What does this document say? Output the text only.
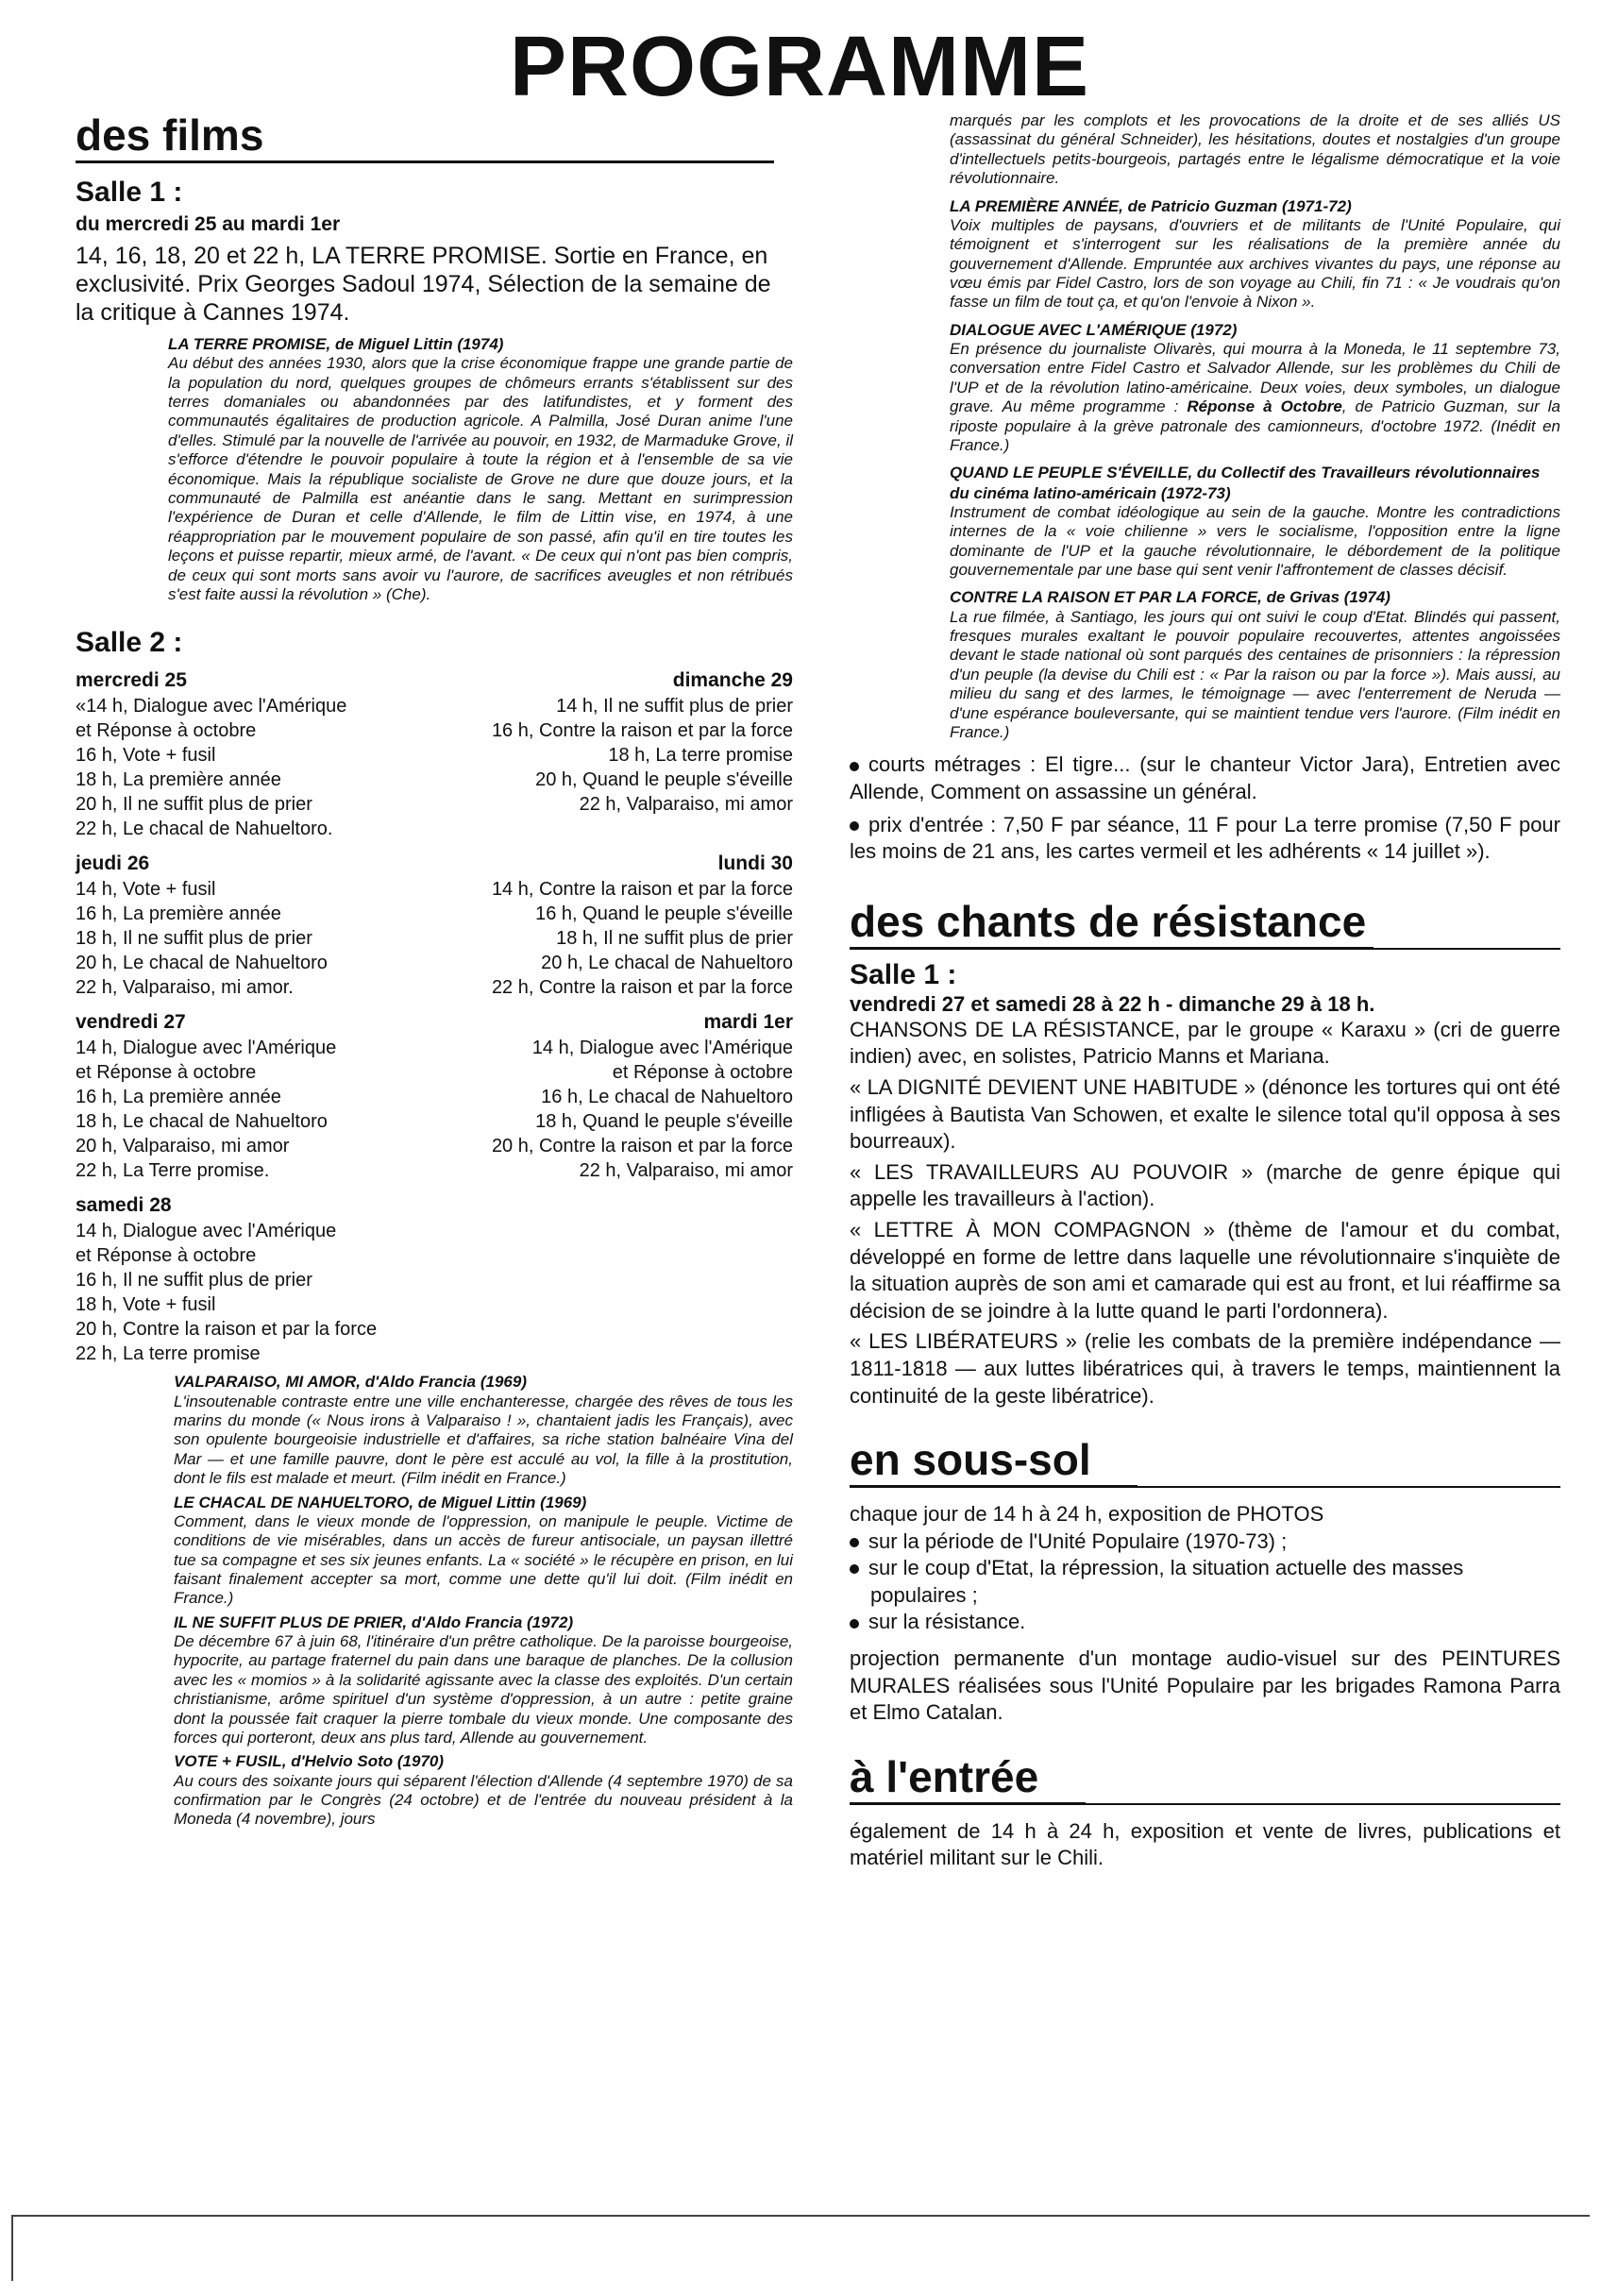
PROGRAMME
des films
Salle 1 :
du mercredi 25 au mardi 1er

14, 16, 18, 20 et 22 h, LA TERRE PROMISE. Sortie en France, en exclusivité. Prix Georges Sadoul 1974, Sélection de la semaine de la critique à Cannes 1974.

LA TERRE PROMISE, de Miguel Littin (1974)

Au début des années 1930, alors que la crise économique frappe une grande partie de la population du nord, quelques groupes de chômeurs errants s'établissent sur des terres domaniales ou abandonnées par des latifundistes, et y forment des communautés égalitaires de production agricole. A Palmilla, José Duran anime l'une d'elles. Stimulé par la nouvelle de l'arrivée au pouvoir, en 1932, de Marmaduke Grove, il s'efforce d'étendre le pouvoir populaire à toute la région et à l'ensemble de sa vie économique. Mais la république socialiste de Grove ne dure que douze jours, et la communauté de Palmilla est anéantie dans le sang. Mettant en surimpression l'expérience de Duran et celle d'Allende, le film de Littin vise, en 1974, à une réappropriation par le mouvement populaire de son passé, afin qu'il en tire toutes les leçons et puisse repartir, mieux armé, de l'avant. « De ceux qui n'ont pas bien compris, de ceux qui sont morts sans avoir vu l'aurore, de sacrifices aveugles et non rétribués s'est faite aussi la révolution » (Che).

Salle 2 :

mercredi 25

«14 h, Dialogue avec l'Amérique

et Réponse à octobre

16 h, Vote + fusil

18 h, La première année

20 h, Il ne suffit plus de prier

22 h, Le chacal de Nahueltoro.

dimanche 29

14 h, Il ne suffit plus de prier

16 h, Contre la raison et par la force

18 h, La terre promise

20 h, Quand le peuple s'éveille

22 h, Valparaiso, mi amor

jeudi 26

14 h, Vote + fusil

16 h, La première année

18 h, Il ne suffit plus de prier

20 h, Le chacal de Nahueltoro

22 h, Valparaiso, mi amor.

lundi 30

14 h, Contre la raison et par la force

16 h, Quand le peuple s'éveille

18 h, Il ne suffit plus de prier

20 h, Le chacal de Nahueltoro

22 h, Contre la raison et par la force

vendredi 27

14 h, Dialogue avec l'Amérique

et Réponse à octobre

16 h, La première année

18 h, Le chacal de Nahueltoro

20 h, Valparaiso, mi amor

22 h, La Terre promise.

mardi 1er

14 h, Dialogue avec l'Amérique

et Réponse à octobre

16 h, Le chacal de Nahueltoro

18 h, Quand le peuple s'éveille

20 h, Contre la raison et par la force

22 h, Valparaiso, mi amor

samedi 28

14 h, Dialogue avec l'Amérique

et Réponse à octobre

16 h, Il ne suffit plus de prier

18 h, Vote + fusil

20 h, Contre la raison et par la force

22 h, La terre promise

VALPARAISO, MI AMOR, d'Aldo Francia (1969)

L'insoutenable contraste entre une ville enchanteresse, chargée des rêves de tous les marins du monde (« Nous irons à Valparaiso ! », chantaient jadis les Français), avec son opulente bourgeoisie industrielle et d'affaires, sa riche station balnéaire Vina del Mar — et une famille pauvre, dont le père est acculé au vol, la fille à la prostitution, dont le fils est malade et meurt. (Film inédit en France.)

LE CHACAL DE NAHUELTORO, de Miguel Littin (1969)

Comment, dans le vieux monde de l'oppression, on manipule le peuple. Victime de conditions de vie misérables, dans un accès de fureur antisociale, un paysan illettré tue sa compagne et ses six jeunes enfants. La « société » le récupère en prison, en lui faisant finalement accepter sa mort, comme une dette qu'il lui doit. (Film inédit en France.)

IL NE SUFFIT PLUS DE PRIER, d'Aldo Francia (1972)

De décembre 67 à juin 68, l'itinéraire d'un prêtre catholique. De la paroisse bourgeoise, hypocrite, au partage fraternel du pain dans une baraque de planches. De la collusion avec les « momios » à la solidarité agissante avec la classe des exploités. D'un certain christianisme, arôme spirituel d'un système d'oppression, à un autre : petite graine dont la poussée fait craquer la pierre tombale du vieux monde. Une composante des forces qui porteront, deux ans plus tard, Allende au gouvernement.

VOTE + FUSIL, d'Helvio Soto (1970)

Au cours des soixante jours qui séparent l'élection d'Allende (4 septembre 1970) de sa confirmation par le Congrès (24 octobre) et de l'entrée du nouveau président à la Moneda (4 novembre), jours

marqués par les complots et les provocations de la droite et de ses alliés US (assassinat du général Schneider), les hésitations, doutes et nostalgies d'un groupe d'intellectuels petits-bourgeois, partagés entre le légalisme démocratique et la voie révolutionnaire.

LA PREMIÈRE ANNÉE, de Patricio Guzman (1971-72)

Voix multiples de paysans, d'ouvriers et de militants de l'Unité Populaire, qui témoignent et s'interrogent sur les réalisations de la première année du gouvernement d'Allende. Empruntée aux archives vivantes du pays, une réponse au vœu émis par Fidel Castro, lors de son voyage au Chili, fin 71 : « Je voudrais qu'on fasse un film de tout ça, et qu'on l'envoie à Nixon ».

DIALOGUE AVEC L'AMÉRIQUE (1972)

En présence du journaliste Olivarès, qui mourra à la Moneda, le 11 septembre 73, conversation entre Fidel Castro et Salvador Allende, sur les problèmes du Chili de l'UP et de la révolution latino-américaine. Deux voies, deux symboles, un dialogue grave. Au même programme : Réponse à Octobre, de Patricio Guzman, sur la riposte populaire à la grève patronale des camionneurs, d'octobre 1972. (Inédit en France.)

QUAND LE PEUPLE S'ÉVEILLE, du Collectif des Travailleurs révolutionnaires du cinéma latino-américain (1972-73)

Instrument de combat idéologique au sein de la gauche. Montre les contradictions internes de la « voie chilienne » vers le socialisme, l'opposition entre la ligne dominante de l'UP et la gauche révolutionnaire, le débordement de la politique gouvernementale par une base qui sent venir l'affrontement de classes décisif.

CONTRE LA RAISON ET PAR LA FORCE, de Grivas (1974)

La rue filmée, à Santiago, les jours qui ont suivi le coup d'Etat. Blindés qui passent, fresques murales exaltant le pouvoir populaire recouvertes, attentes angoissées devant le stade national où sont parqués des centaines de prisonniers : la répression d'un peuple (la devise du Chili est : « Par la raison ou par la force »). Mais aussi, au milieu du sang et des larmes, le témoignage — avec l'enterrement de Neruda — d'une espérance bouleversante, qui se maintient tendue vers l'aurore. (Film inédit en France.)

courts métrages : El tigre... (sur le chanteur Victor Jara), Entretien avec Allende, Comment on assassine un général.

prix d'entrée : 7,50 F par séance, 11 F pour La terre promise (7,50 F pour les moins de 21 ans, les cartes vermeil et les adhérents « 14 juillet »).

des chants de résistance
Salle 1 :
vendredi 27 et samedi 28 à 22 h - dimanche 29 à 18 h.

CHANSONS DE LA RÉSISTANCE, par le groupe « Karaxu » (cri de guerre indien) avec, en solistes, Patricio Manns et Mariana.

« LA DIGNITÉ DEVIENT UNE HABITUDE » (dénonce les tortures qui ont été infligées à Bautista Van Schowen, et exalte le silence total qu'il opposa à ses bourreaux).

« LES TRAVAILLEURS AU POUVOIR » (marche de genre épique qui appelle les travailleurs à l'action).

« LETTRE À MON COMPAGNON » (thème de l'amour et du combat, développé en forme de lettre dans laquelle une révolutionnaire s'inquiète de la situation auprès de son ami et camarade qui est au front, et lui réaffirme sa décision de se joindre à la lutte quand le parti l'ordonnera).

« LES LIBÉRATEURS » (relie les combats de la première indépendance — 1811-1818 — aux luttes libératrices qui, à travers le temps, maintiennent la continuité de la geste libératrice).

en sous-sol

chaque jour de 14 h à 24 h, exposition de PHOTOS

sur la période de l'Unité Populaire (1970-73) ;

sur le coup d'Etat, la répression, la situation actuelle des masses populaires ;

sur la résistance.

projection permanente d'un montage audio-visuel sur des PEINTURES MURALES réalisées sous l'Unité Populaire par les brigades Ramona Parra et Elmo Catalan.

à l'entrée

également de 14 h à 24 h, exposition et vente de livres, publications et matériel militant sur le Chili.
